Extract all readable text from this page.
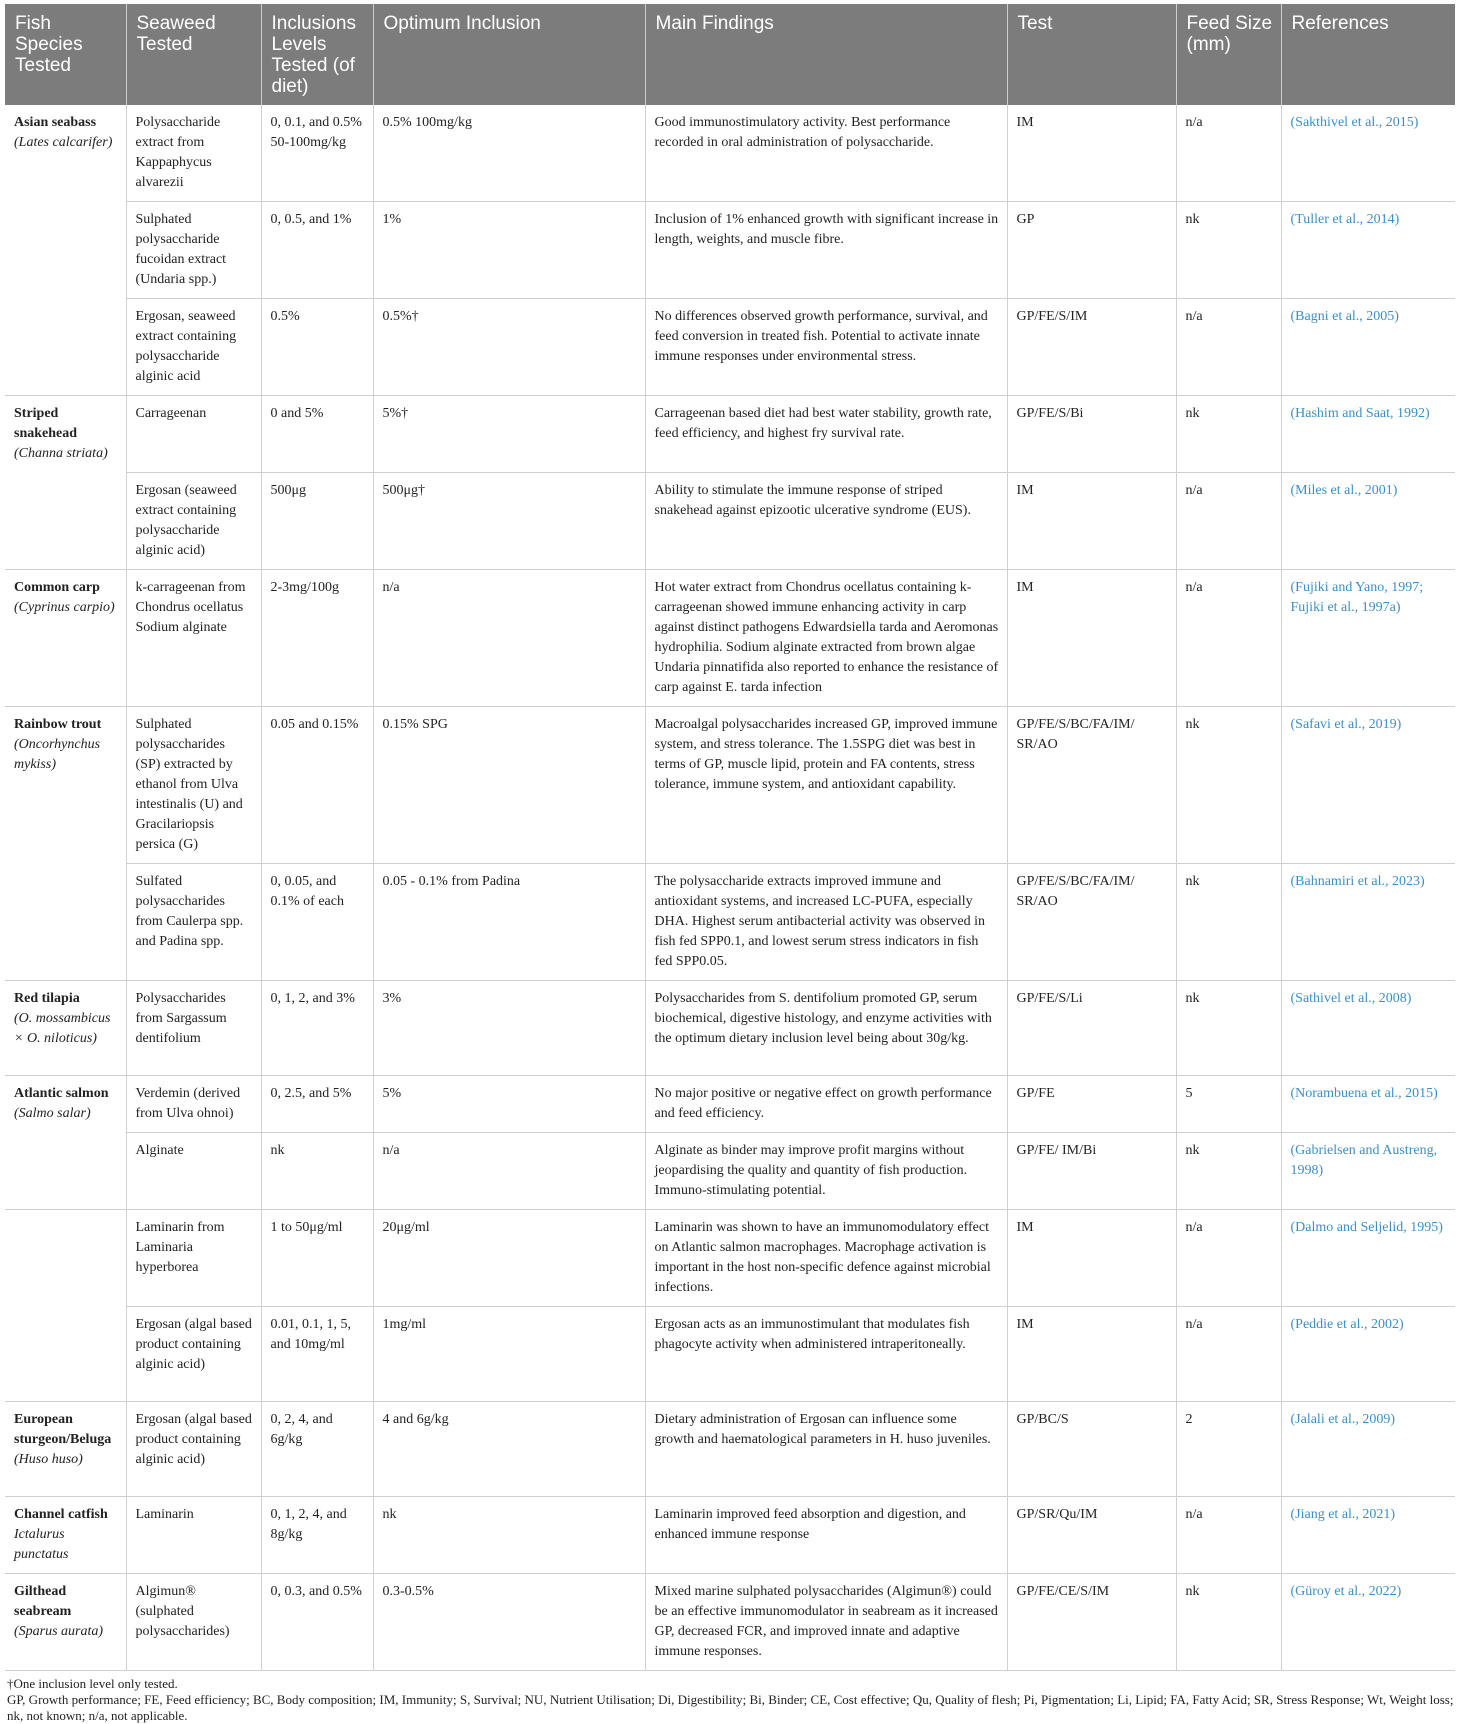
Fish Species Tested	Seaweed Tested	Inclusions Levels Tested (of diet)	Optimum Inclusion	Main Findings	Test	Feed Size (mm)	References

Asian seabass
(Lates calcarifer)	Polysaccharide extract from Kappaphycus alvarezii	0, 0.1, and 0.5% 50-100mg/kg	0.5% 100mg/kg	Good immunostimulatory activity. Best performance recorded in oral administration of polysaccharide.	IM	n/a	(Sakthivel et al., 2015)
	Sulphated polysaccharide fucoidan extract (Undaria spp.)	0, 0.5, and 1%	1%	Inclusion of 1% enhanced growth with significant increase in length, weights, and muscle fibre.	GP	nk	(Tuller et al., 2014)
	Ergosan, seaweed extract containing polysaccharide alginic acid	0.5%	0.5%†	No differences observed growth performance, survival, and feed conversion in treated fish. Potential to activate innate immune responses under environmental stress.	GP/FE/S/IM	n/a	(Bagni et al., 2005)

Striped snakehead
(Channa striata)	Carrageenan	0 and 5%	5%†	Carrageenan based diet had best water stability, growth rate, feed efficiency, and highest fry survival rate.	GP/FE/S/Bi	nk	(Hashim and Saat, 1992)
	Ergosan (seaweed extract containing polysaccharide alginic acid)	500μg	500μg†	Ability to stimulate the immune response of striped snakehead against epizootic ulcerative syndrome (EUS).	IM	n/a	(Miles et al., 2001)

Common carp
(Cyprinus carpio)	k-carrageenan from Chondrus ocellatus Sodium alginate	2-3mg/100g	n/a	Hot water extract from Chondrus ocellatus containing k-carrageenan showed immune enhancing activity in carp against distinct pathogens Edwardsiella tarda and Aeromonas hydrophilia. Sodium alginate extracted from brown algae Undaria pinnatifida also reported to enhance the resistance of carp against E. tarda infection	IM	n/a	(Fujiki and Yano, 1997; Fujiki et al., 1997a)

Rainbow trout
(Oncorhynchus mykiss)	Sulphated polysaccharides (SP) extracted by ethanol from Ulva intestinalis (U) and Gracilariopsis persica (G)	0.05 and 0.15%	0.15% SPG	Macroalgal polysaccharides increased GP, improved immune system, and stress tolerance. The 1.5SPG diet was best in terms of GP, muscle lipid, protein and FA contents, stress tolerance, immune system, and antioxidant capability.	GP/FE/S/BC/FA/IM/ SR/AO	nk	(Safavi et al., 2019)
	Sulfated polysaccharides from Caulerpa spp. and Padina spp.	0, 0.05, and 0.1% of each	0.05 - 0.1% from Padina	The polysaccharide extracts improved immune and antioxidant systems, and increased LC-PUFA, especially DHA. Highest serum antibacterial activity was observed in fish fed SPP0.1, and lowest serum stress indicators in fish fed SPP0.05.	GP/FE/S/BC/FA/IM/ SR/AO	nk	(Bahnamiri et al., 2023)

Red tilapia
(O. mossambicus × O. niloticus)	Polysaccharides from Sargassum dentifolium	0, 1, 2, and 3%	3%	Polysaccharides from S. dentifolium promoted GP, serum biochemical, digestive histology, and enzyme activities with the optimum dietary inclusion level being about 30g/kg.	GP/FE/S/Li	nk	(Sathivel et al., 2008)

Atlantic salmon
(Salmo salar)	Verdemin (derived from Ulva ohnoi)	0, 2.5, and 5%	5%	No major positive or negative effect on growth performance and feed efficiency.	GP/FE	5	(Norambuena et al., 2015)
	Alginate	nk	n/a	Alginate as binder may improve profit margins without jeopardising the quality and quantity of fish production. Immuno-stimulating potential.	GP/FE/ IM/Bi	nk	(Gabrielsen and Austreng, 1998)
	Laminarin from Laminaria hyperborea	1 to 50μg/ml	20μg/ml	Laminarin was shown to have an immunomodulatory effect on Atlantic salmon macrophages. Macrophage activation is important in the host non-specific defence against microbial infections.	IM	n/a	(Dalmo and Seljelid, 1995)
	Ergosan (algal based product containing alginic acid)	0.01, 0.1, 1, 5, and 10mg/ml	1mg/ml	Ergosan acts as an immunostimulant that modulates fish phagocyte activity when administered intraperitoneally.	IM	n/a	(Peddie et al., 2002)

European sturgeon/Beluga
(Huso huso)	Ergosan (algal based product containing alginic acid)	0, 2, 4, and 6g/kg	4 and 6g/kg	Dietary administration of Ergosan can influence some growth and haematological parameters in H. huso juveniles.	GP/BC/S	2	(Jalali et al., 2009)

Channel catfish
Ictalurus punctatus	Laminarin	0, 1, 2, 4, and 8g/kg	nk	Laminarin improved feed absorption and digestion, and enhanced immune response	GP/SR/Qu/IM	n/a	(Jiang et al., 2021)

Gilthead seabream
(Sparus aurata)	Algimun® (sulphated polysaccharides)	0, 0.3, and 0.5%	0.3-0.5%	Mixed marine sulphated polysaccharides (Algimun®) could be an effective immunomodulator in seabream as it increased GP, decreased FCR, and improved innate and adaptive immune responses.	GP/FE/CE/S/IM	nk	(Güroy et al., 2022)
†One inclusion level only tested.
GP, Growth performance; FE, Feed efficiency; BC, Body composition; IM, Immunity; S, Survival; NU, Nutrient Utilisation; Di, Digestibility; Bi, Binder; CE, Cost effective; Qu, Quality of flesh; Pi, Pigmentation; Li, Lipid; FA, Fatty Acid; SR, Stress Response; Wt, Weight loss; nk, not known; n/a, not applicable.
